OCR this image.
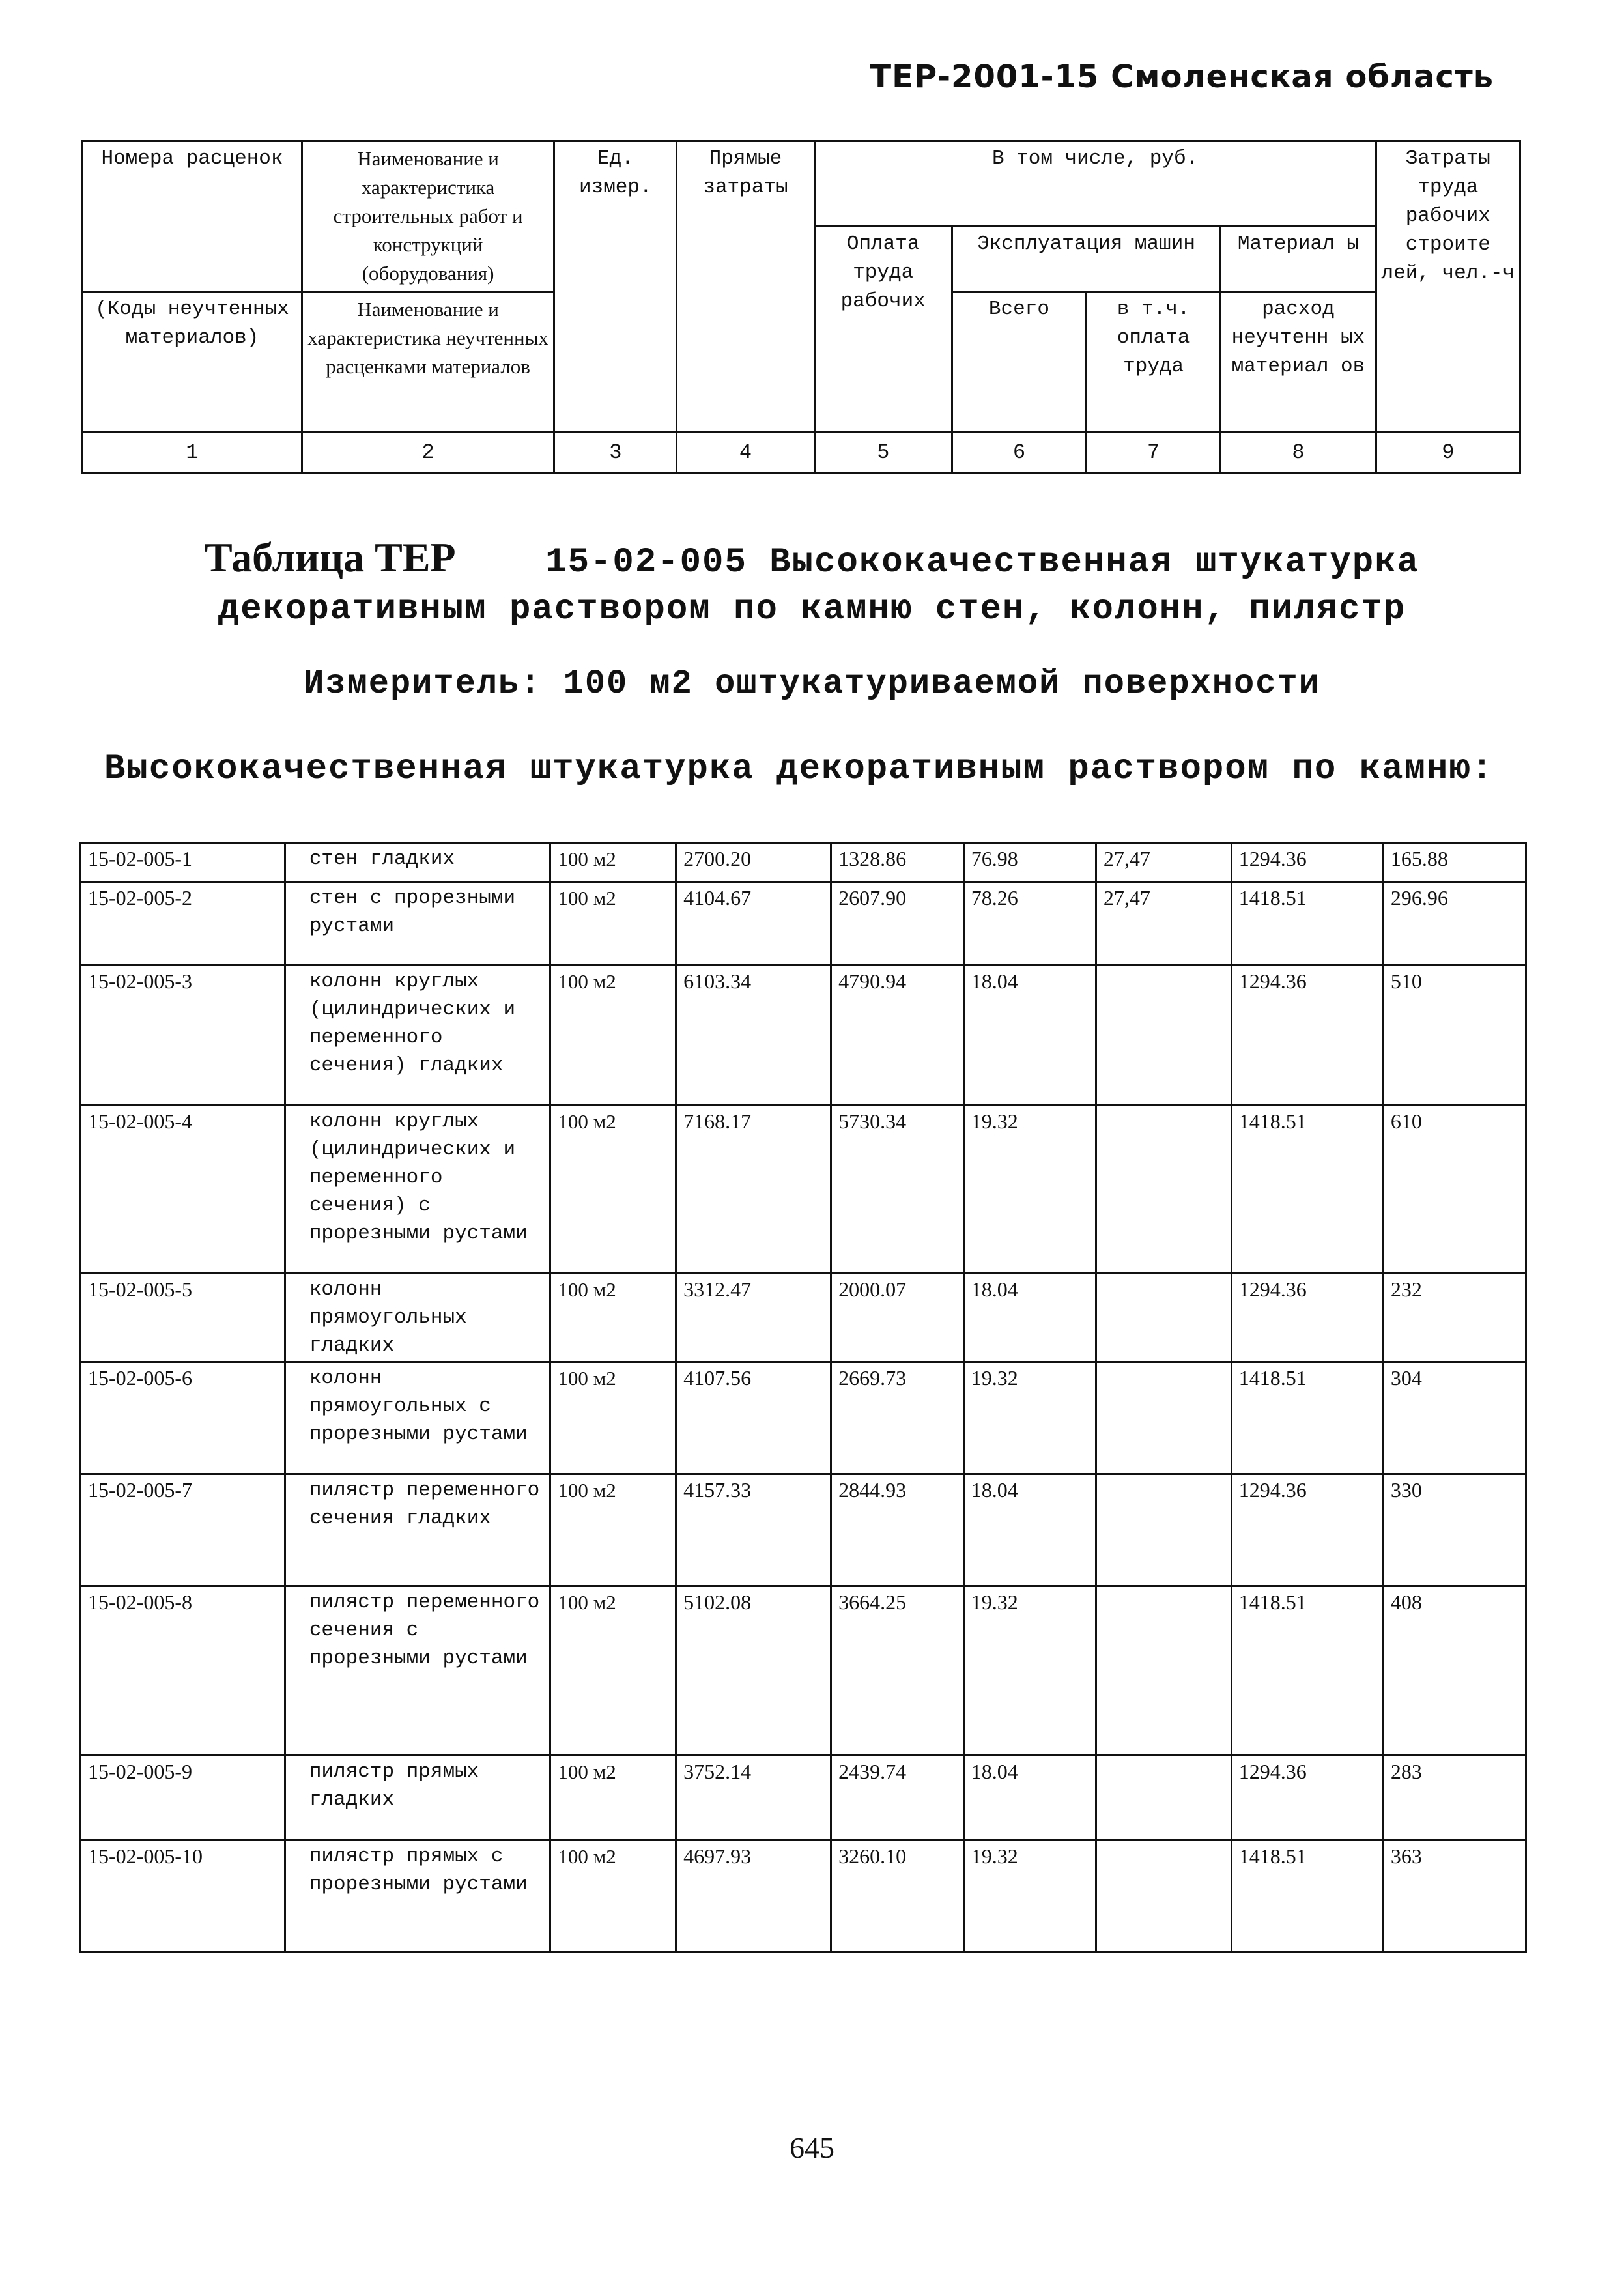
ТЕР-2001-15 Смоленская область
Номера расценок	Наименование и характеристика строительных работ и конструкций (оборудования)	Ед. измер.	Прямые затраты	В том числе, руб.				Затраты труда рабочих строите лей, чел.-ч
				Оплата труда рабочих	Эксплуатация машин		Материал ы	
(Коды неучтенных материалов)	Наименование и характеристика неучтенных расценками материалов				Всего	в т.ч. оплата труда	расход неучтенн ых материал ов	
1	2	3	4	5	6	7	8	9
Таблица ТЕР	15-02-005 Высококачественная штукатурка
декоративным раствором по камню стен, колонн, пилястр
Измеритель: 100 м2 оштукатуриваемой поверхности
Высококачественная штукатурка декоративным раствором по камню:
15-02-005-1	стен гладких	100 м2	2700.20	1328.86	76.98	27,47	1294.36	165.88
15-02-005-2	стен с прорезными рустами	100 м2	4104.67	2607.90	78.26	27,47	1418.51	296.96
15-02-005-3	колонн круглых (цилиндрических и переменного сечения) гладких	100 м2	6103.34	4790.94	18.04		1294.36	510
15-02-005-4	колонн круглых (цилиндрических и переменного сечения) с прорезными рустами	100 м2	7168.17	5730.34	19.32		1418.51	610
15-02-005-5	колонн прямоугольных гладких	100 м2	3312.47	2000.07	18.04		1294.36	232
15-02-005-6	колонн прямоугольных с прорезными рустами	100 м2	4107.56	2669.73	19.32		1418.51	304
15-02-005-7	пилястр переменного сечения гладких	100 м2	4157.33	2844.93	18.04		1294.36	330
15-02-005-8	пилястр переменного сечения с прорезными рустами	100 м2	5102.08	3664.25	19.32		1418.51	408
15-02-005-9	пилястр прямых гладких	100 м2	3752.14	2439.74	18.04		1294.36	283
15-02-005-10	пилястр прямых с прорезными рустами	100 м2	4697.93	3260.10	19.32		1418.51	363
645
